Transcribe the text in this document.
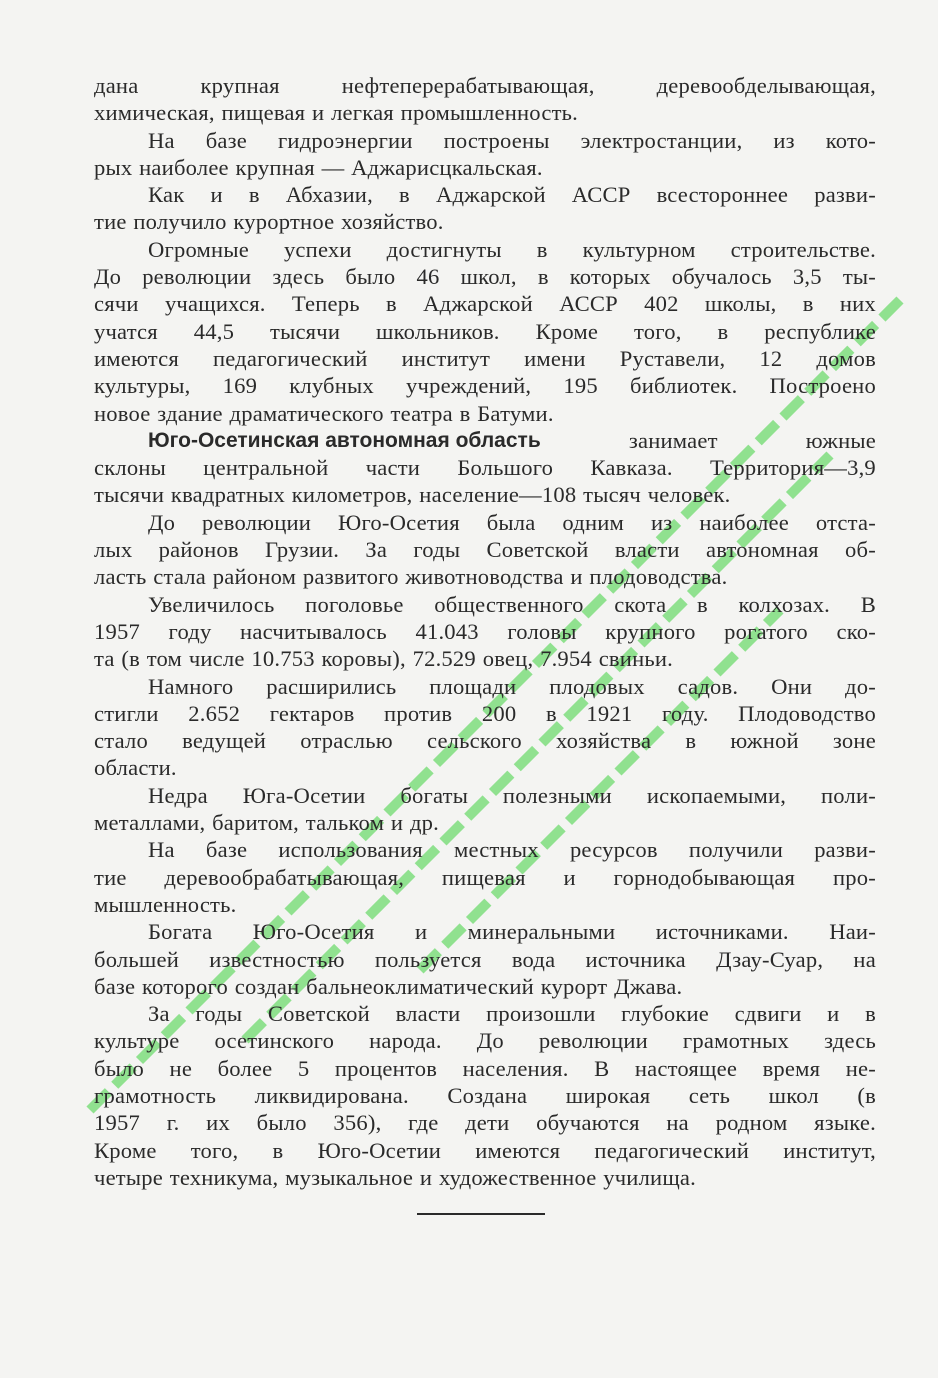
дана	крупная	нефтеперерабатывающая,	деревообделывающая,
химическая, пищевая и легкая промышленность.
На базе гидроэнергии построены электростанции, из кото-
рых наиболее крупная — Аджарисцкальская.
Как и в Абхазии, в Аджарской АССР всестороннее разви-
тие получило курортное хозяйство.
Огромные успехи достигнуты в культурном строительстве.
До революции здесь было 46 школ, в которых обучалось 3,5 ты-
сячи учащихся. Теперь в Аджарской АССР 402 школы, в них
учатся 44,5 тысячи школьников. Кроме того, в республике
имеются педагогический институт имени Руставели, 12 домов
культуры, 169 клубных учреждений, 195 библиотек. Построено
новое здание драматического театра в Батуми.
Юго-Осетинская автономная область	занимает	южные
склоны центральной части Большого Кавказа. Территория—3,9
тысячи квадратных километров, население—108 тысяч человек.
До революции Юго-Осетия была одним из наиболее отста-
лых районов Грузии. За годы Советской власти автономная об-
ласть стала районом развитого животноводства и плодоводства.
Увеличилось поголовье общественного скота в колхозах. В
1957 году насчитывалось 41.043 головы крупного рогатого ско-
та (в том числе 10.753 коровы), 72.529 овец, 7.954 свиньи.
Намного расширились площади плодовых садов. Они до-
стигли 2.652 гектаров против 200 в 1921 году. Плодоводство
стало ведущей отраслью сельского хозяйства в южной зоне
области.
Недра Юга-Осетии богаты полезными ископаемыми, поли-
металлами, баритом, тальком и др.
На базе использования местных ресурсов получили разви-
тие деревообрабатывающая, пищевая и горнодобывающая про-
мышленность.
Богата Юго-Осетия и минеральными источниками. Наи-
большей известностью пользуется вода источника Дзау-Суар, на
базе которого создан бальнеоклиматический курорт Джава.
За годы Советской власти произошли глубокие сдвиги и в
культуре осетинского народа. До революции грамотных здесь
было не более 5 процентов населения. В настоящее время не-
грамотность ликвидирована. Создана широкая сеть школ (в
1957 г. их было 356), где дети обучаются на родном языке.
Кроме того, в Юго-Осетии имеются педагогический институт,
четыре техникума, музыкальное и художественное училища.
